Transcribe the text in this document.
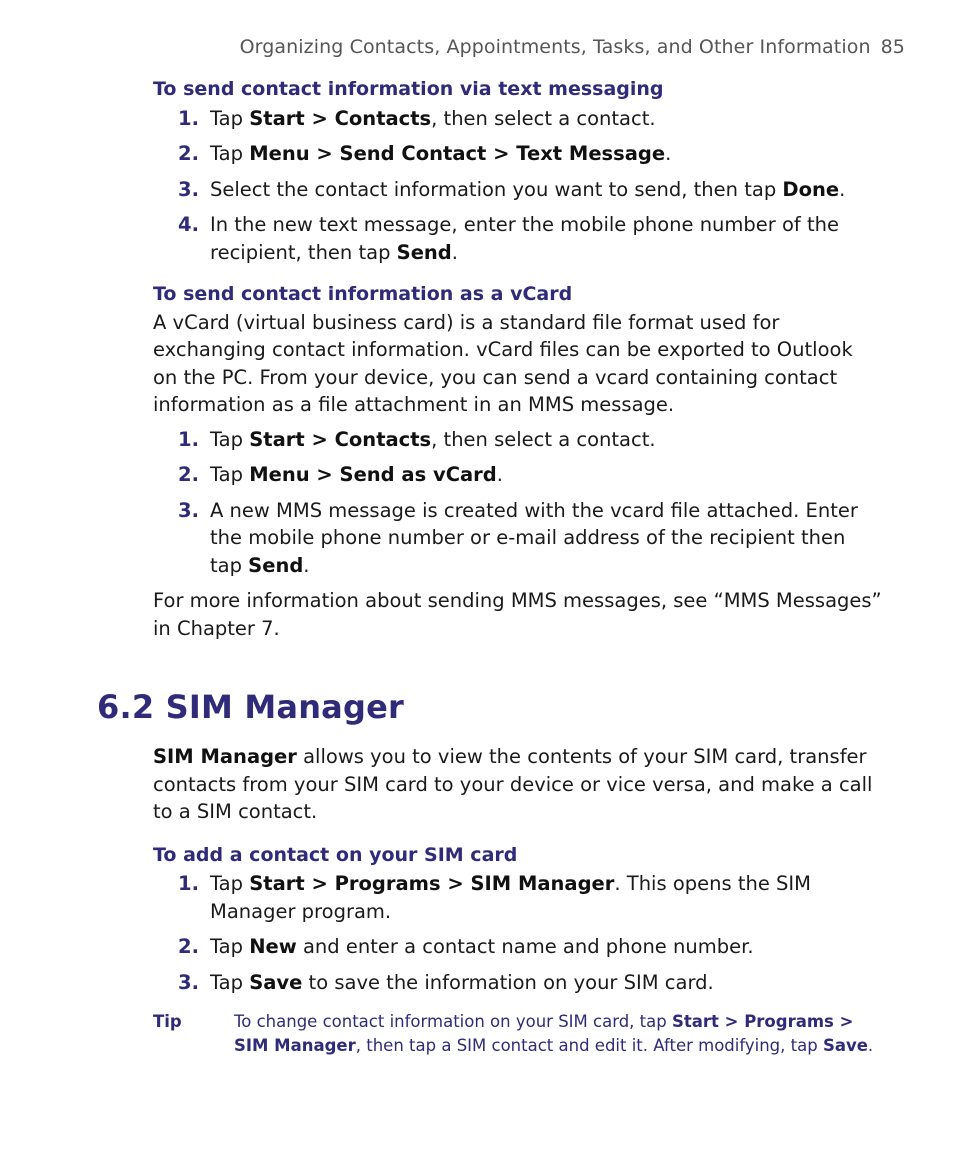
Organizing Contacts, Appointments, Tasks, and Other Information 85

To send contact information via text messaging

1. Tap Start > Contacts, then select a contact.
2. Tap Menu > Send Contact > Text Message.
3. Select the contact information you want to send, then tap Done.
4. In the new text message, enter the mobile phone number of the recipient, then tap Send.

To send contact information as a vCard

A vCard (virtual business card) is a standard file format used for exchanging contact information. vCard files can be exported to Outlook on the PC. From your device, you can send a vcard containing contact information as a file attachment in an MMS message.

1. Tap Start > Contacts, then select a contact.
2. Tap Menu > Send as vCard.
3. A new MMS message is created with the vcard file attached. Enter the mobile phone number or e-mail address of the recipient then tap Send.

For more information about sending MMS messages, see “MMS Messages” in Chapter 7.

6.2 SIM Manager

SIM Manager allows you to view the contents of your SIM card, transfer contacts from your SIM card to your device or vice versa, and make a call to a SIM contact.

To add a contact on your SIM card

1. Tap Start > Programs > SIM Manager. This opens the SIM Manager program.
2. Tap New and enter a contact name and phone number.
3. Tap Save to save the information on your SIM card.
Tip	To change contact information on your SIM card, tap Start > Programs > SIM Manager, then tap a SIM contact and edit it. After modifying, tap Save.
